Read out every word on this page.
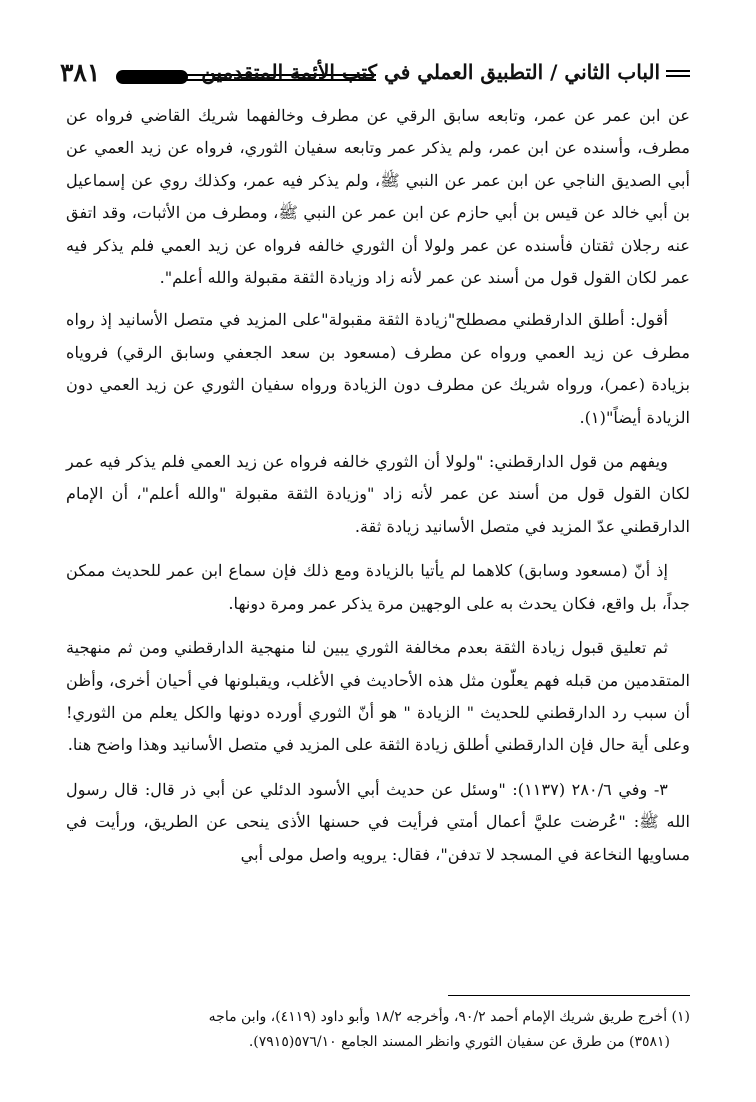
٣٨١	الباب الثاني / التطبيق العملي في كتب الأئمة المتقدمين

عن ابن عمر عن عمر، وتابعه سابق الرقي عن مطرف وخالفهما شريك القاضي فرواه عن مطرف، وأسنده عن ابن عمر، ولم يذكر عمر وتابعه سفيان الثوري، فرواه عن زيد العمي عن أبي الصديق الناجي عن ابن عمر عن النبي ﷺ، ولم يذكر فيه عمر، وكذلك روي عن إسماعيل بن أبي خالد عن قيس بن أبي حازم عن ابن عمر عن النبي ﷺ، ومطرف من الأثبات، وقد اتفق عنه رجلان ثقتان فأسنده عن عمر ولولا أن الثوري خالفه فرواه عن زيد العمي فلم يذكر فيه عمر لكان القول قول من أسند عن عمر لأنه زاد وزيادة الثقة مقبولة والله أعلم".

أقول: أطلق الدارقطني مصطلح"زيادة الثقة مقبولة"على المزيد في متصل الأسانيد إذ رواه مطرف عن زيد العمي ورواه عن مطرف (مسعود بن سعد الجعفي وسابق الرقي) فروياه بزيادة (عمر)، ورواه شريك عن مطرف دون الزيادة ورواه سفيان الثوري عن زيد العمي دون الزيادة أيضاً"(١).

ويفهم من قول الدارقطني: "ولولا أن الثوري خالفه فرواه عن زيد العمي فلم يذكر فيه عمر لكان القول قول من أسند عن عمر لأنه زاد "وزيادة الثقة مقبولة "والله أعلم"، أن الإمام الدارقطني عدّ المزيد في متصل الأسانيد زيادة ثقة.

إذ أنّ (مسعود وسابق) كلاهما لم يأتيا بالزيادة ومع ذلك فإن سماع ابن عمر للحديث ممكن جداً، بل واقع، فكان يحدث به على الوجهين مرة يذكر عمر ومرة دونها.

ثم تعليق قبول زيادة الثقة بعدم مخالفة الثوري يبين لنا منهجية الدارقطني ومن ثم منهجية المتقدمين من قبله فهم يعلّون مثل هذه الأحاديث في الأغلب، ويقبلونها في أحيان أخرى، وأظن أن سبب رد الدارقطني للحديث " الزيادة " هو أنّ الثوري أورده دونها والكل يعلم من الثوري! وعلى أية حال فإن الدارقطني أطلق زيادة الثقة على المزيد في متصل الأسانيد وهذا واضح هنا.

٣- وفي ٢٨٠/٦ (١١٣٧): "وسئل عن حديث أبي الأسود الدئلي عن أبي ذر قال: قال رسول الله ﷺ: "عُرضت عليَّ أعمال أمتي فرأيت في حسنها الأذى ينحى عن الطريق، ورأيت في مساويها النخاعة في المسجد لا تدفن"، فقال: يرويه واصل مولى أبي

(١) أخرج طريق شريك الإمام أحمد ٩٠/٢، وأخرجه ١٨/٢ وأبو داود (٤١١٩)، وابن ماجه

(٣٥٨١) من طرق عن سفيان الثوري وانظر المسند الجامع ٥٧٦/١٠(٧٩١٥).
